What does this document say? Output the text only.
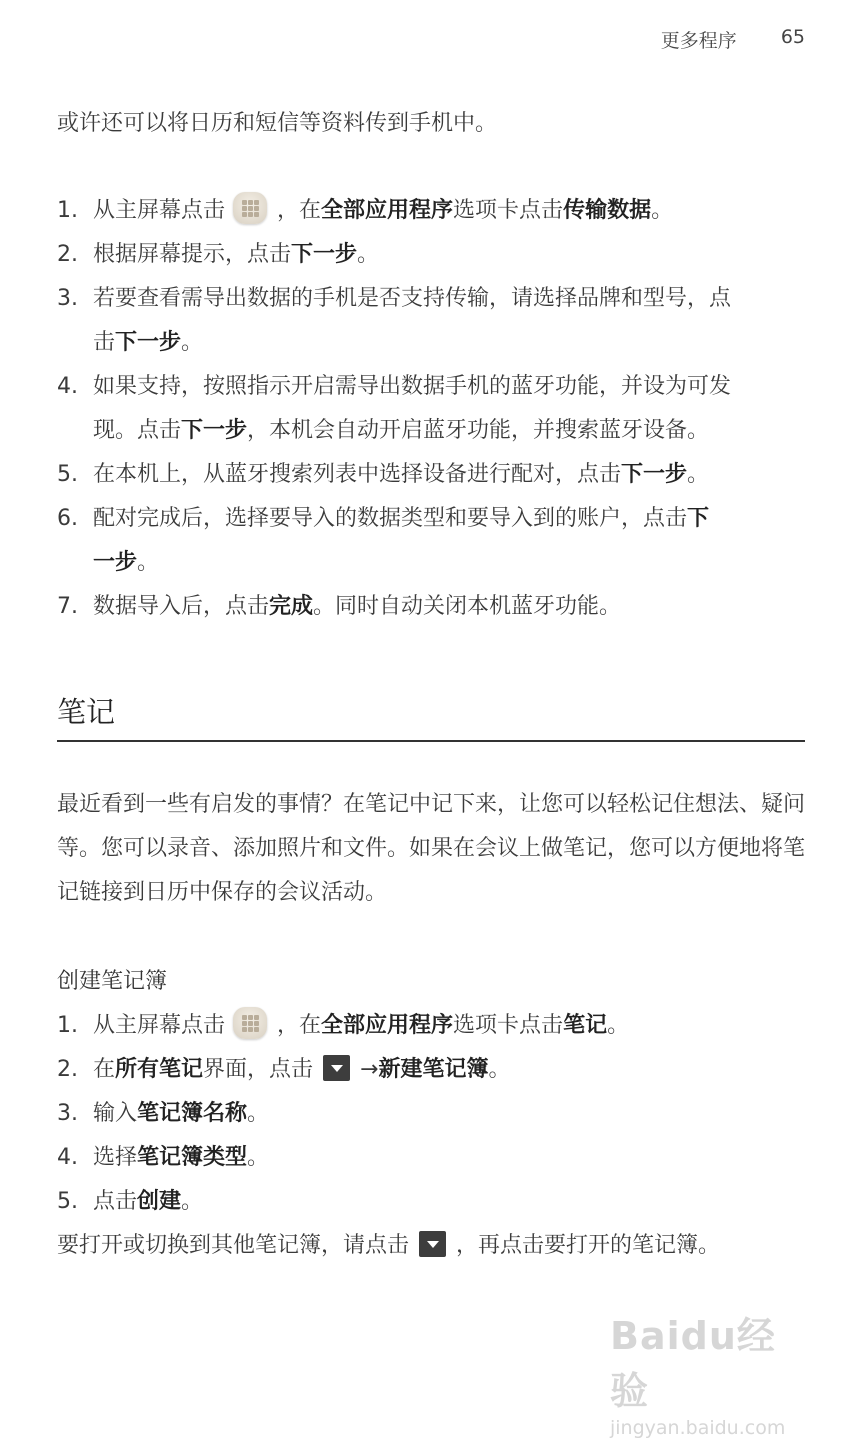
更多程序 65
或许还可以将日历和短信等资料传到手机中。
1. 从主屏幕点击 ，在全部应用程序选项卡点击传输数据。
2. 根据屏幕提示，点击下一步。
3. 若要查看需导出数据的手机是否支持传输，请选择品牌和型号，点
击下一步。
4. 如果支持，按照指示开启需导出数据手机的蓝牙功能，并设为可发
现。点击下一步，本机会自动开启蓝牙功能，并搜索蓝牙设备。
5. 在本机上，从蓝牙搜索列表中选择设备进行配对，点击下一步。
6. 配对完成后，选择要导入的数据类型和要导入到的账户，点击下
一步。
7. 数据导入后，点击完成。同时自动关闭本机蓝牙功能。
笔记
最近看到一些有启发的事情？在笔记中记下来，让您可以轻松记住想法、疑问等。您可以录音、添加照片和文件。如果在会议上做笔记，您可以方便地将笔记链接到日历中保存的会议活动。
创建笔记簿
1. 从主屏幕点击 ，在全部应用程序选项卡点击笔记。
2. 在所有笔记界面，点击 →新建笔记簿。
3. 输入笔记簿名称。
4. 选择笔记簿类型。
5. 点击创建。
要打开或切换到其他笔记簿，请点击 ，再点击要打开的笔记簿。
Baidu经验
jingyan.baidu.com
